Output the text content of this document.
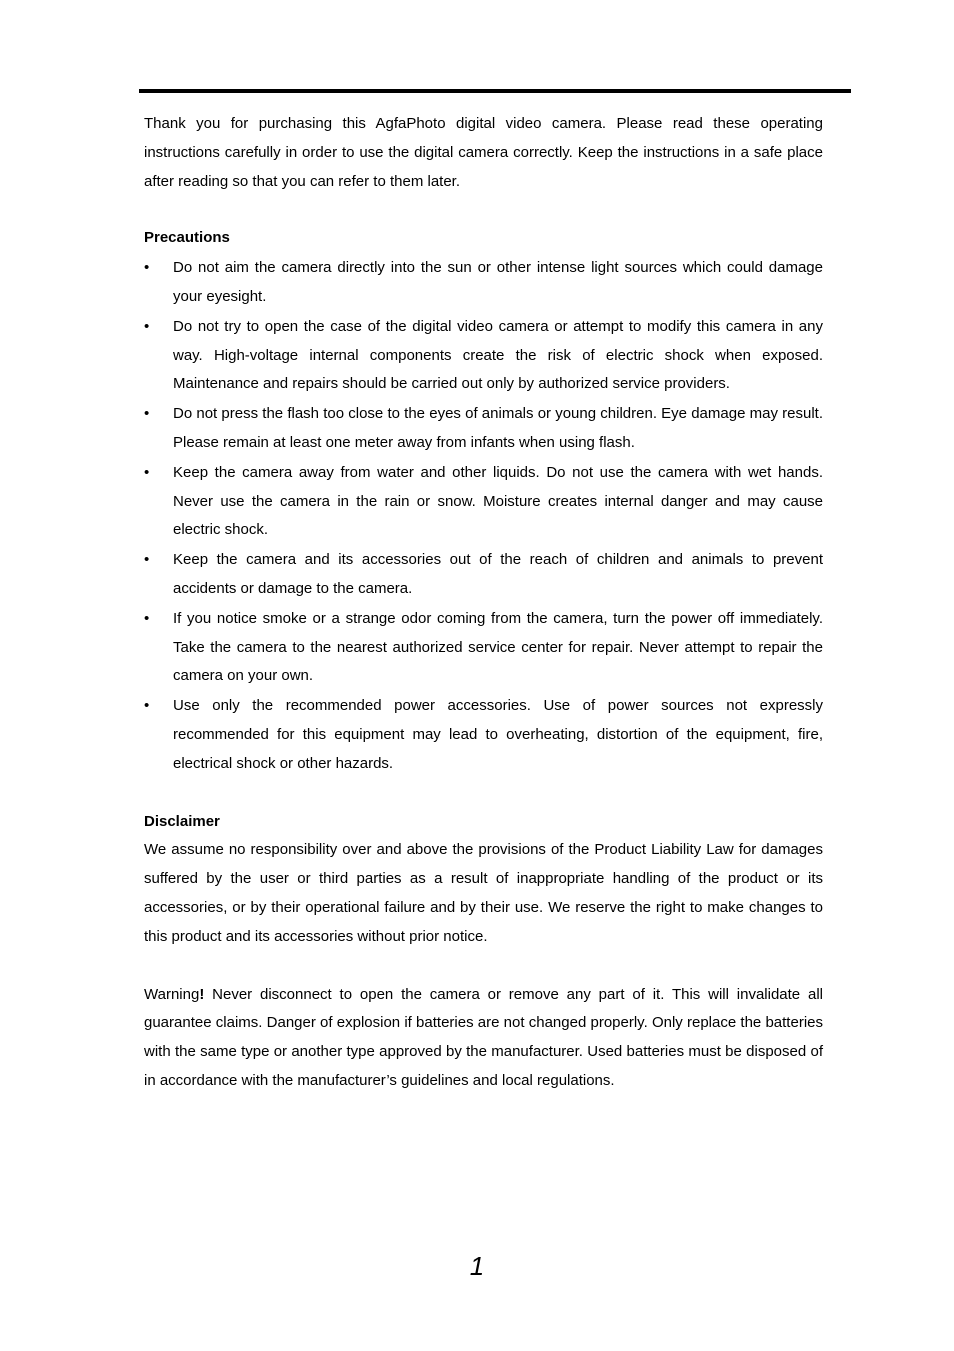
Thank you for purchasing this AgfaPhoto digital video camera. Please read these operating instructions carefully in order to use the digital camera correctly. Keep the instructions in a safe place after reading so that you can refer to them later.

Precautions

•	Do not aim the camera directly into the sun or other intense light sources which could damage your eyesight.
•	Do not try to open the case of the digital video camera or attempt to modify this camera in any way. High-voltage internal components create the risk of electric shock when exposed. Maintenance and repairs should be carried out only by authorized service providers.
•	Do not press the flash too close to the eyes of animals or young children. Eye damage may result. Please remain at least one meter away from infants when using flash.
•	Keep the camera away from water and other liquids. Do not use the camera with wet hands. Never use the camera in the rain or snow. Moisture creates internal danger and may cause electric shock.
•	Keep the camera and its accessories out of the reach of children and animals to prevent accidents or damage to the camera.
•	If you notice smoke or a strange odor coming from the camera, turn the power off immediately. Take the camera to the nearest authorized service center for repair. Never attempt to repair the camera on your own.
•	Use only the recommended power accessories. Use of power sources not expressly recommended for this equipment may lead to overheating, distortion of the equipment, fire, electrical shock or other hazards.

Disclaimer

We assume no responsibility over and above the provisions of the Product Liability Law for damages suffered by the user or third parties as a result of inappropriate handling of the product or its accessories, or by their operational failure and by their use. We reserve the right to make changes to this product and its accessories without prior notice.

Warning! Never disconnect to open the camera or remove any part of it. This will invalidate all guarantee claims. Danger of explosion if batteries are not changed properly. Only replace the batteries with the same type or another type approved by the manufacturer. Used batteries must be disposed of in accordance with the manufacturer’s guidelines and local regulations.

1
